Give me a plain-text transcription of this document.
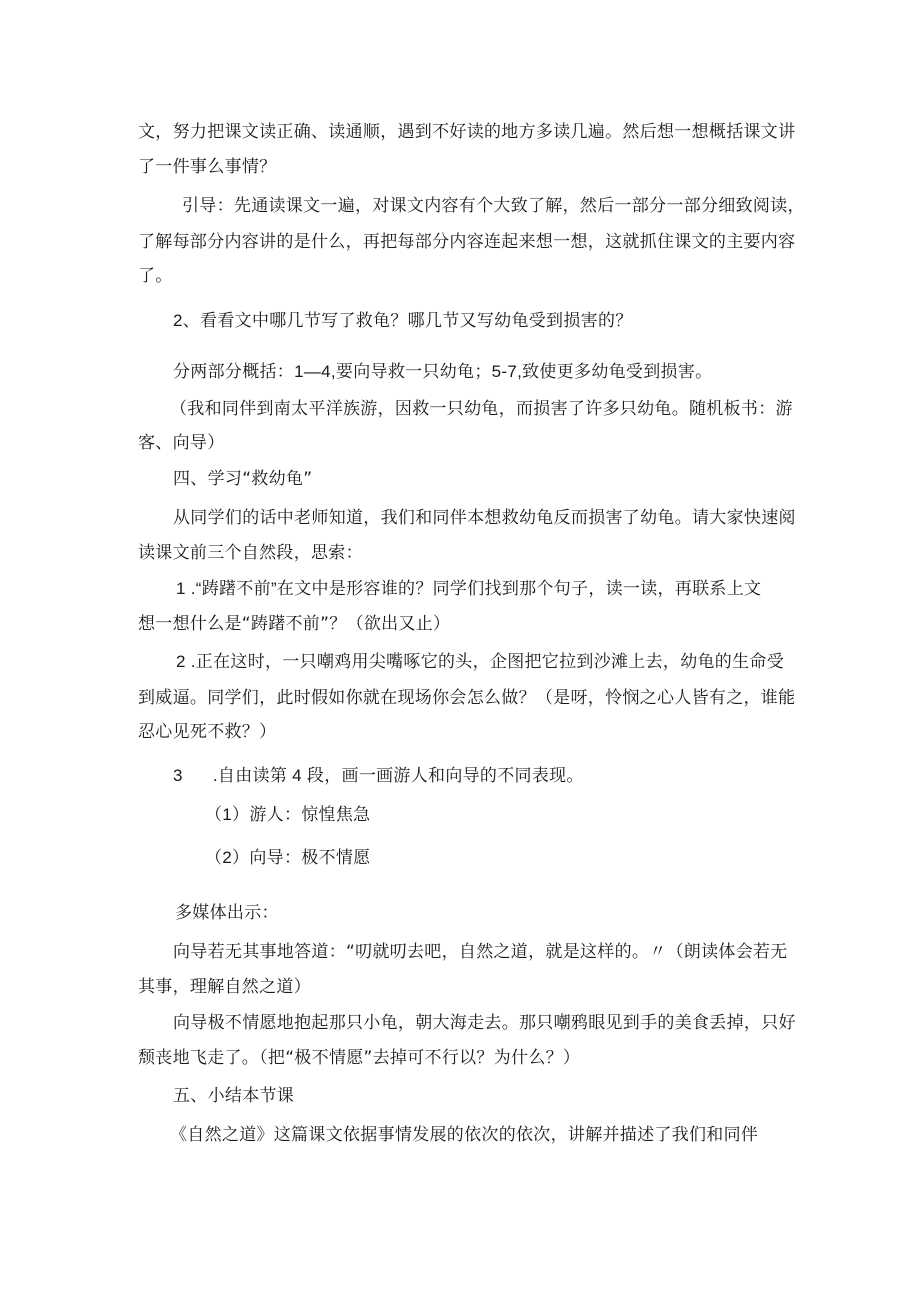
文，努力把课文读正确、读通顺，遇到不好读的地方多读几遍。然后想一想概括课文讲
了一件事么事情？
引导：先通读课文一遍，对课文内容有个大致了解，然后一部分一部分细致阅读，
了解每部分内容讲的是什么，再把每部分内容连起来想一想，这就抓住课文的主要内容
了。
2、看看文中哪几节写了救龟？哪几节又写幼龟受到损害的？
分两部分概括：1—4,要向导救一只幼龟；5-7,致使更多幼龟受到损害。
（我和同伴到南太平洋族游，因救一只幼龟，而损害了许多只幼龟。随机板书：游
客、向导）
四、学习“救幼龟”
从同学们的话中老师知道，我们和同伴本想救幼龟反而损害了幼龟。请大家快速阅
读课文前三个自然段，思索：
1 .“踌躇不前”在文中是形容谁的？同学们找到那个句子，读一读，再联系上文
想一想什么是“踌躇不前”？（欲出又止）
2 .正在这时，一只嘲鸡用尖嘴啄它的头，企图把它拉到沙滩上去，幼龟的生命受
到威逼。同学们，此时假如你就在现场你会怎么做？（是呀，怜悯之心人皆有之，谁能
忍心见死不救？）
3      .自由读第 4 段，画一画游人和向导的不同表现。
（1）游人：惊惶焦急
（2）向导：极不情愿
多媒体出示：
向导若无其事地答道：“叨就叨去吧，自然之道，就是这样的。〃（朗读体会若无
其事，理解自然之道）
向导极不情愿地抱起那只小龟，朝大海走去。那只嘲鸦眼见到手的美食丢掉，只好
颓丧地飞走了。（把“极不情愿”去掉可不行以？为什么？）
五、小结本节课
《自然之道》这篇课文依据事情发展的依次的依次，讲解并描述了我们和同伴
